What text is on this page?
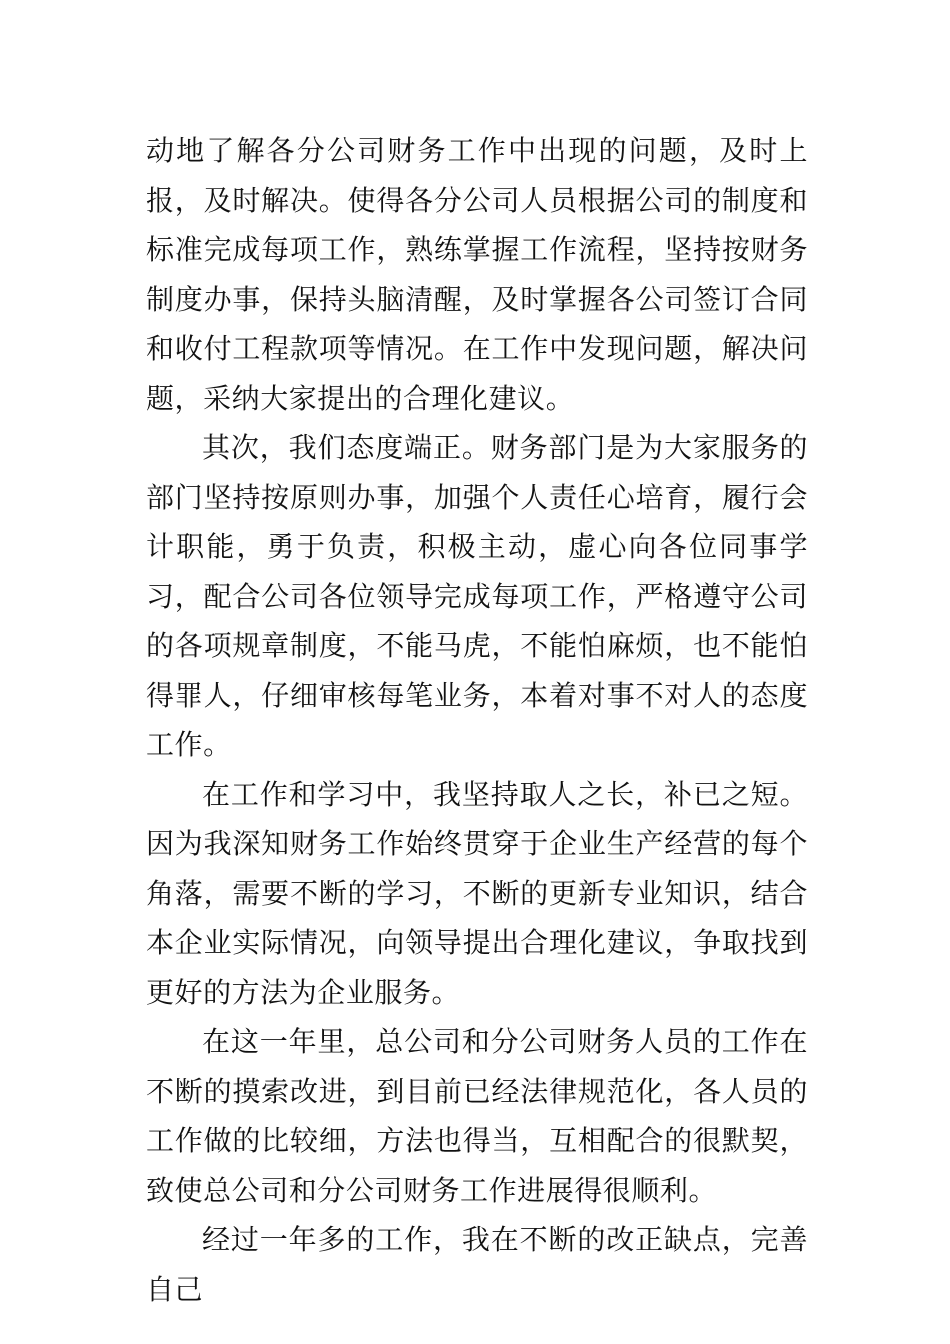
动地了解各分公司财务工作中出现的问题，及时上报，及时解决。使得各分公司人员根据公司的制度和标准完成每项工作，熟练掌握工作流程，坚持按财务制度办事，保持头脑清醒，及时掌握各公司签订合同和收付工程款项等情况。在工作中发现问题，解决问题，采纳大家提出的合理化建议。

其次，我们态度端正。财务部门是为大家服务的部门坚持按原则办事，加强个人责任心培育，履行会计职能，勇于负责，积极主动，虚心向各位同事学习，配合公司各位领导完成每项工作，严格遵守公司的各项规章制度，不能马虎，不能怕麻烦，也不能怕得罪人，仔细审核每笔业务，本着对事不对人的态度工作。

在工作和学习中，我坚持取人之长，补已之短。因为我深知财务工作始终贯穿于企业生产经营的每个角落，需要不断的学习，不断的更新专业知识，结合本企业实际情况，向领导提出合理化建议，争取找到更好的方法为企业服务。

在这一年里，总公司和分公司财务人员的工作在不断的摸索改进，到目前已经法律规范化，各人员的工作做的比较细，方法也得当，互相配合的很默契，致使总公司和分公司财务工作进展得很顺利。

经过一年多的工作，我在不断的改正缺点，完善自己
